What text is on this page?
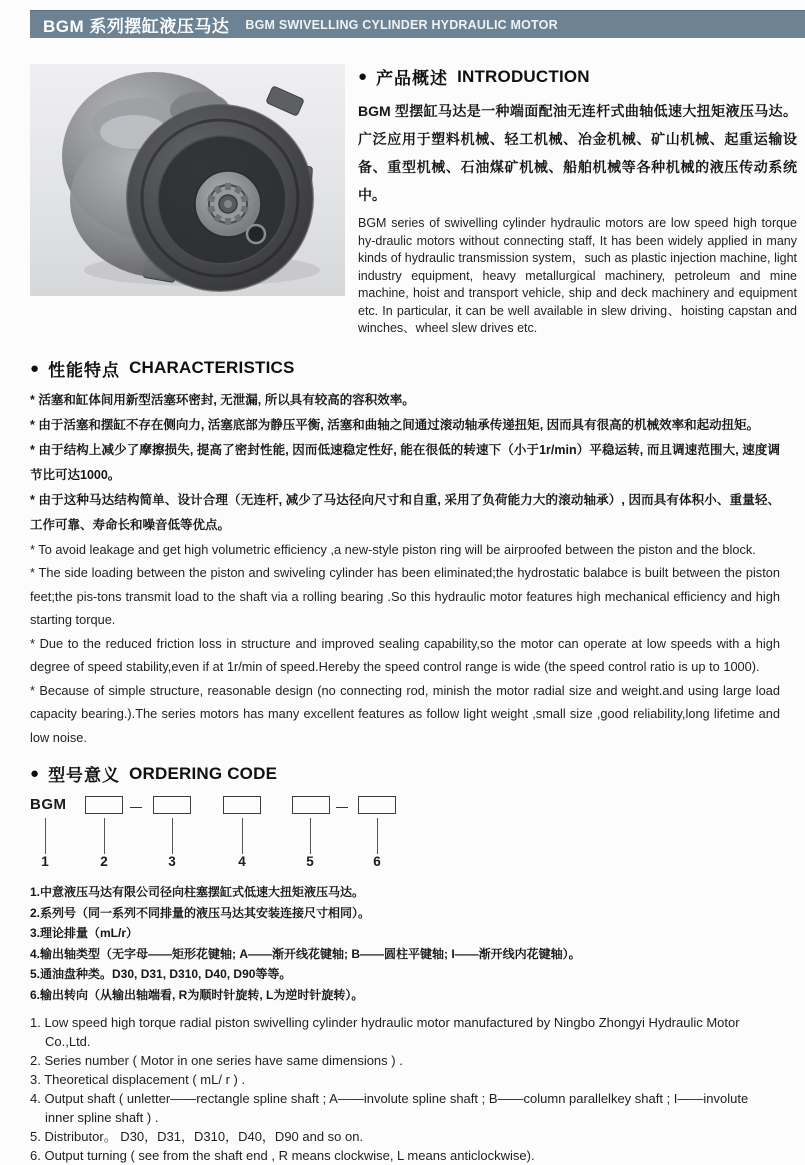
BGM 系列摆缸液压马达 BGM SWIVELLING CYLINDER HYDRAULIC MOTOR
● 产品概述 INTRODUCTION
BGM 型摆缸马达是一种端面配油无连杆式曲轴低速大扭矩液压马达。广泛应用于塑料机械、轻工机械、冶金机械、矿山机械、起重运输设备、重型机械、石油煤矿机械、船舶机械等各种机械的液压传动系统中。
BGM series of swivelling cylinder hydraulic motors are low speed high torque hy-draulic motors without connecting staff, It has been widely applied in many kinds of hydraulic transmission system，such as plastic injection machine, light industry equipment, heavy metallurgical machinery, petroleum and mine machine, hoist and transport vehicle, ship and deck machinery and equipment etc. In particular, it can be well available in slew driving、hoisting capstan and winches、wheel slew drives etc.
● 性能特点 CHARACTERISTICS

* 活塞和缸体间用新型活塞环密封, 无泄漏, 所以具有较高的容积效率。

* 由于活塞和摆缸不存在侧向力, 活塞底部为静压平衡, 活塞和曲轴之间通过滚动轴承传递扭矩, 因而具有很高的机械效率和起动扭矩。

* 由于结构上减少了摩擦损失, 提高了密封性能, 因而低速稳定性好, 能在很低的转速下（小于1r/min）平稳运转, 而且调速范围大, 速度调节比可达1000。

* 由于这种马达结构简单、设计合理（无连杆, 减少了马达径向尺寸和自重, 采用了负荷能力大的滚动轴承）, 因而具有体积小、重量轻、工作可靠、寿命长和噪音低等优点。

* To avoid leakage and get high volumetric efficiency ,a new-style piston ring will be airproofed between the piston and the block.

* The side loading between the piston and swiveling cylinder has been eliminated;the hydrostatic balabce is built between the piston feet;the pis-tons transmit load to the shaft via a rolling bearing .So this hydraulic motor features high mechanical efficiency and high starting torque.

* Due to the reduced friction loss in structure and improved sealing capability,so the motor can operate at low speeds with a high degree of speed stability,even if at 1r/min of speed.Hereby the speed control range is wide (the speed control ratio is up to 1000).

* Because of simple structure, reasonable design (no connecting rod, minish the motor radial size and weight.and using large load capacity bearing.).The series motors has many excellent features as follow light weight ,small size ,good reliability,long lifetime and low noise.

● 型号意义 ORDERING CODE
BGM
1	2	3	4	5	6

1.中意液压马达有限公司径向柱塞摆缸式低速大扭矩液压马达。

2.系列号（同一系列不同排量的液压马达其安装连接尺寸相同）。

3.理论排量（mL/r）

4.输出轴类型（无字母——矩形花键轴; A——渐开线花键轴; B——圆柱平键轴; I——渐开线内花键轴）。

5.通油盘种类。D30, D31, D310, D40, D90等等。

6.输出转向（从输出轴端看, R为顺时针旋转, L为逆时针旋转）。

1. Low speed high torque radial piston swivelling cylinder hydraulic motor manufactured by Ningbo Zhongyi Hydraulic Motor Co.,Ltd.

2. Series number ( Motor in one series have same dimensions ) .

3. Theoretical displacement ( mL/ r ) .

4. Output shaft ( unletter——rectangle spline shaft ; A——involute spline shaft ; B——column parallelkey shaft ; I——involute inner spline shaft ) .

5. Distributor。 D30，D31，D310，D40，D90 and so on.

6. Output turning ( see from the shaft end , R means clockwise, L means anticlockwise).
